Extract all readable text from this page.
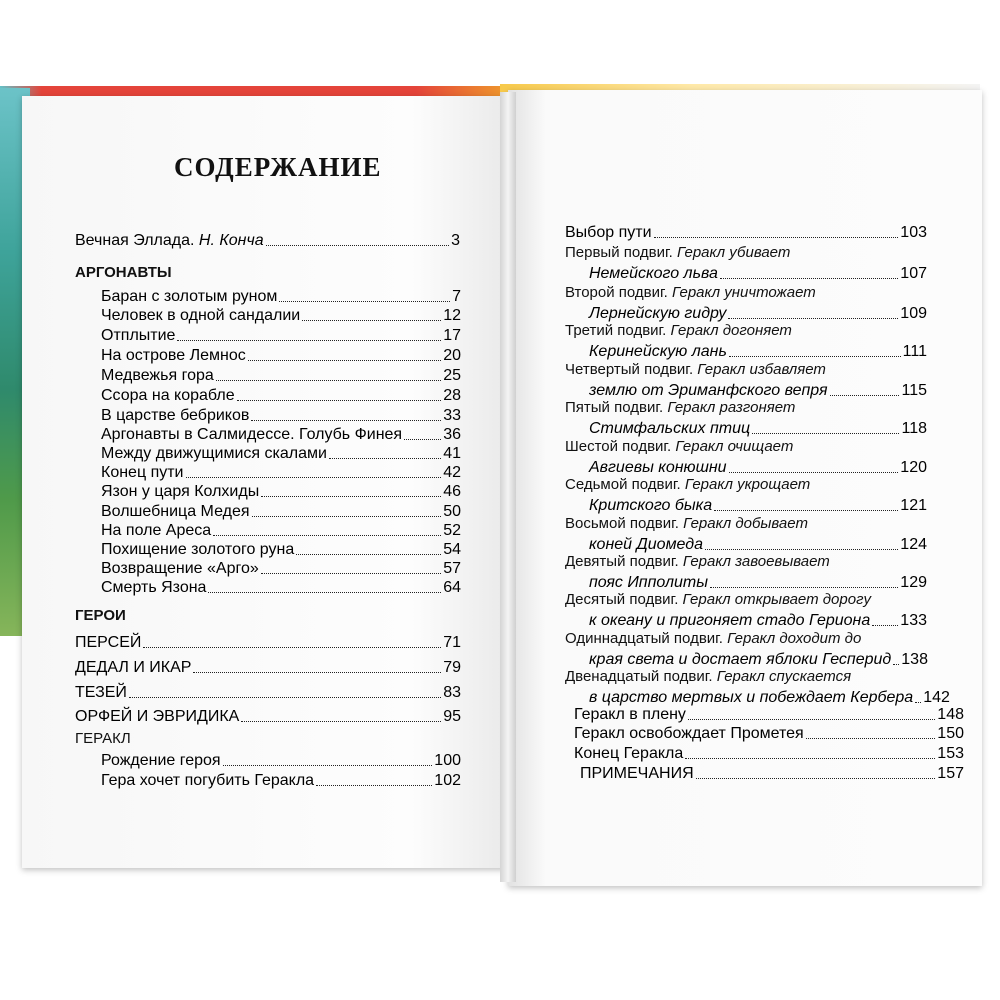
СОДЕРЖАНИЕ
Вечная Эллада. Н. Конча	3
АРГОНАВТЫ
Баран с золотым руном	7
Человек в одной сандалии	12
Отплытие	17
На острове Лемнос	20
Медвежья гора	25
Ссора на корабле	28
В царстве бебриков	33
Аргонавты в Салмидессе. Голубь Финея	36
Между движущимися скалами	41
Конец пути	42
Язон у царя Колхиды	46
Волшебница Медея	50
На поле Ареса	52
Похищение золотого руна	54
Возвращение «Арго»	57
Смерть Язона	64
ГЕРОИ
ПЕРСЕЙ	71
ДЕДАЛ И ИКАР	79
ТЕЗЕЙ	83
ОРФЕЙ И ЭВРИДИКА	95
ГЕРАКЛ
Рождение героя	100
Гера хочет погубить Геракла	102
Выбор пути	103
Первый подвиг. Геракл убивает
Немейского льва	107
Второй подвиг. Геракл уничтожает
Лернейскую гидру	109
Третий подвиг. Геракл догоняет
Керинейскую лань	111
Четвертый подвиг. Геракл избавляет
землю от Эриманфского вепря	115
Пятый подвиг. Геракл разгоняет
Стимфальских птиц	118
Шестой подвиг. Геракл очищает
Авгиевы конюшни	120
Седьмой подвиг. Геракл укрощает
Критского быка	121
Восьмой подвиг. Геракл добывает
коней Диомеда	124
Девятый подвиг. Геракл завоевывает
пояс Ипполиты	129
Десятый подвиг. Геракл открывает дорогу
к океану и пригоняет стадо Гериона 133
Одиннадцатый подвиг. Геракл доходит до
края света и достает яблоки Гесперид 138
Двенадцатый подвиг. Геракл спускается
в царство мертвых и побеждает Кербера 142
Геракл в плену	148
Геракл освобождает Прометея	150
Конец Геракла	153
ПРИМЕЧАНИЯ	157
